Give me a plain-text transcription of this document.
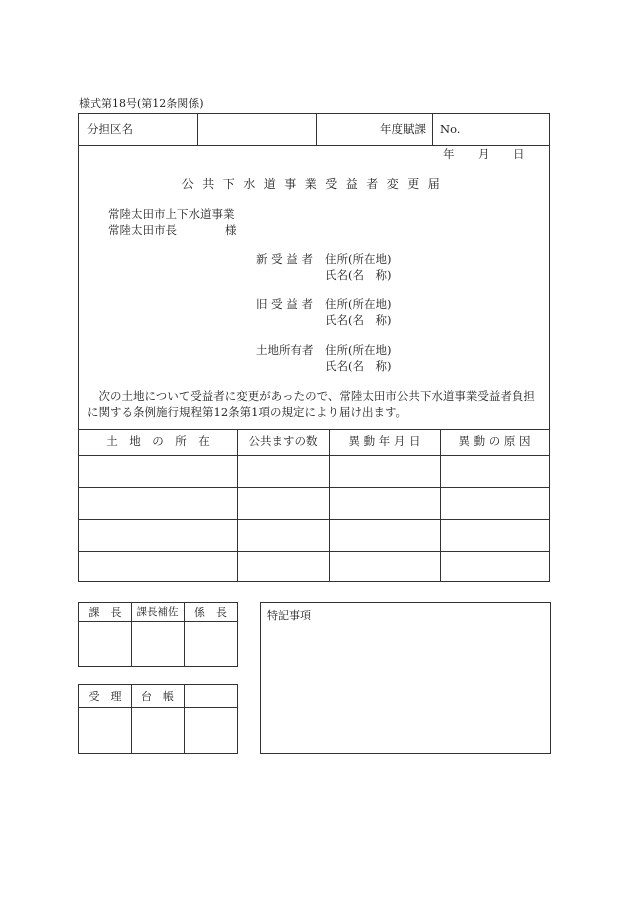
様式第18号(第12条関係)
分担区名	年度賦課 No.
年 月 日
公共下水道事業受益者変更届
常陸太田市上下水道事業
常陸太田市長	様
新 受 益 者 住所(所在地)
氏名(名　称)
旧 受 益 者 住所(所在地)
氏名(名　称)
土地所有者 住所(所在地)
氏名(名　称)
次の土地について受益者に変更があったので、常陸太田市公共下水道事業受益者負担に関する条例施行規程第12条第1項の規定により届け出ます。
土　地　の　所　在	公共ますの数	異 動 年 月 日	異 動 の 原 因
課　長	課長補佐	係　長
受　理	台　帳
特記事項
